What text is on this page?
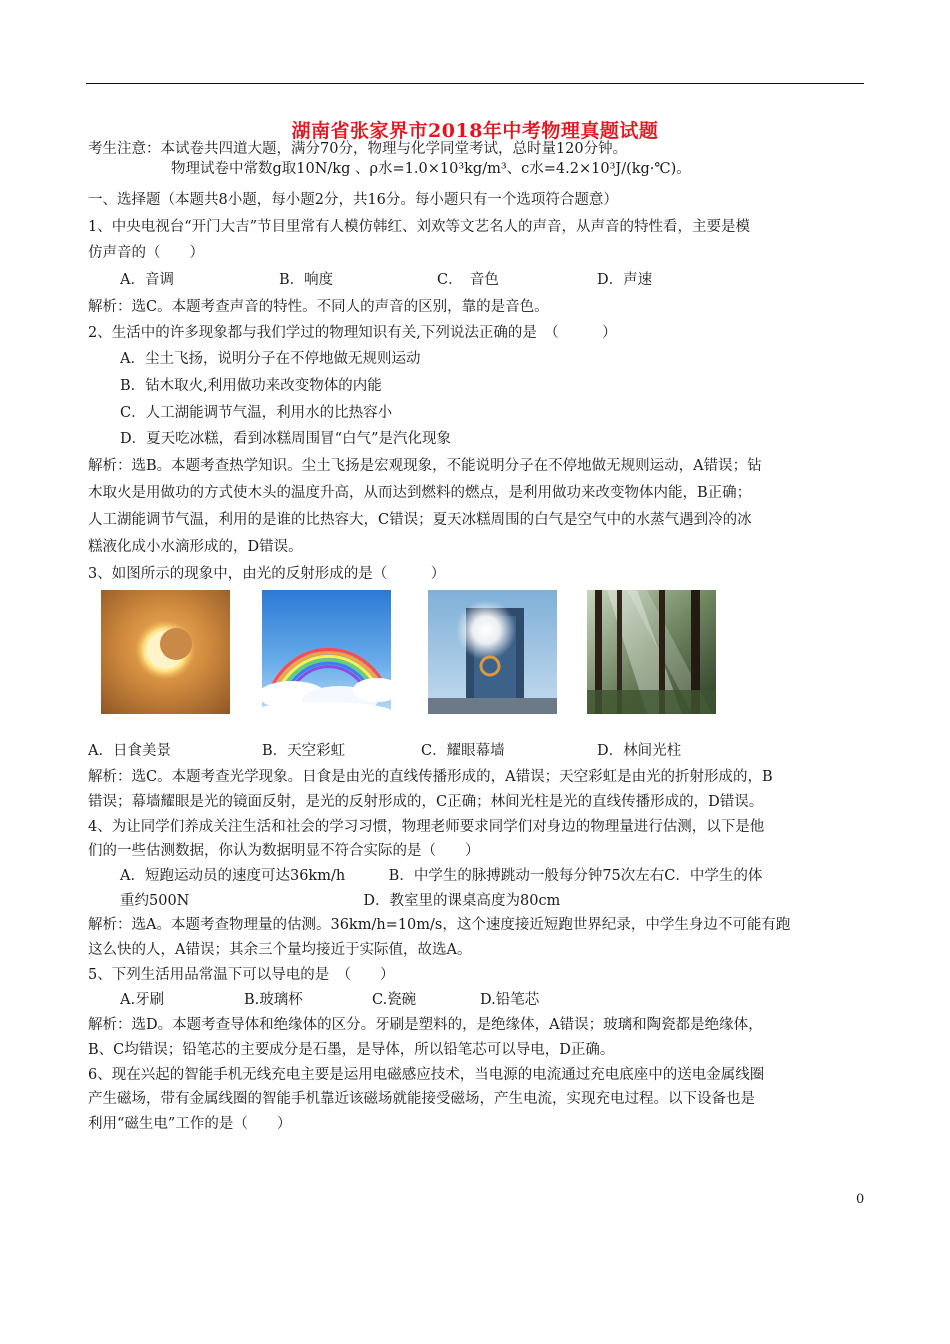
湖南省张家界市2018年中考物理真题试题
考生注意：本试卷共四道大题，满分70分，物理与化学同堂考试，总时量120分钟。
物理试卷中常数g取10N/kg 、ρ水=1.0×10³kg/m³、c水=4.2×10³J/(kg·℃)。
一、选择题（本题共8小题，每小题2分，共16分。每小题只有一个选项符合题意）
1、中央电视台“开门大吉”节目里常有人模仿韩红、刘欢等文艺名人的声音，从声音的特性看，主要是模
仿声音的（　　）
A．音调	B．响度	C．　音色	D．声速
解析：选C。本题考查声音的特性。不同人的声音的区别，靠的是音色。
2、生活中的许多现象都与我们学过的物理知识有关,下列说法正确的是　（　　　）
A．尘土飞扬，说明分子在不停地做无规则运动
B．钻木取火,利用做功来改变物体的内能
C．人工湖能调节气温，利用水的比热容小
D．夏天吃冰糕，看到冰糕周围冒“白气”是汽化现象
解析：选B。本题考查热学知识。尘土飞扬是宏观现象，不能说明分子在不停地做无规则运动，A错误；钻
木取火是用做功的方式使木头的温度升高，从而达到燃料的燃点，是利用做功来改变物体内能，B正确；
人工湖能调节气温，利用的是谁的比热容大，C错误；夏天冰糕周围的白气是空气中的水蒸气遇到冷的冰
糕液化成小水滴形成的，D错误。
3、如图所示的现象中，由光的反射形成的是（　　　）
A．日食美景	B．天空彩虹	C．耀眼幕墙	D．林间光柱
解析：选C。本题考查光学现象。日食是由光的直线传播形成的，A错误；天空彩虹是由光的折射形成的，B
错误；幕墙耀眼是光的镜面反射，是光的反射形成的，C正确；林间光柱是光的直线传播形成的，D错误。
4、为让同学们养成关注生活和社会的学习习惯，物理老师要求同学们对身边的物理量进行估测，以下是他
们的一些估测数据，你认为数据明显不符合实际的是（　　）
A．短跑运动员的速度可达36km/h　　　B．中学生的脉搏跳动一般每分钟75次左右C．中学生的体
重约500N　　　　　　　　　　　　D．教室里的课桌高度为80cm
解析：选A。本题考查物理量的估测。36km/h=10m/s，这个速度接近短跑世界纪录，中学生身边不可能有跑
这么快的人，A错误；其余三个量均接近于实际值，故选A。
5、下列生活用品常温下可以导电的是　（　　）
A.牙刷	B.玻璃杯	C.瓷碗	D.铅笔芯
解析：选D。本题考查导体和绝缘体的区分。牙刷是塑料的，是绝缘体，A错误；玻璃和陶瓷都是绝缘体，
B、C均错误；铅笔芯的主要成分是石墨，是导体，所以铅笔芯可以导电，D正确。
6、现在兴起的智能手机无线充电主要是运用电磁感应技术，当电源的电流通过充电底座中的送电金属线圈
产生磁场，带有金属线圈的智能手机靠近该磁场就能接受磁场，产生电流，实现充电过程。以下设备也是
利用“磁生电”工作的是（　　）
0
